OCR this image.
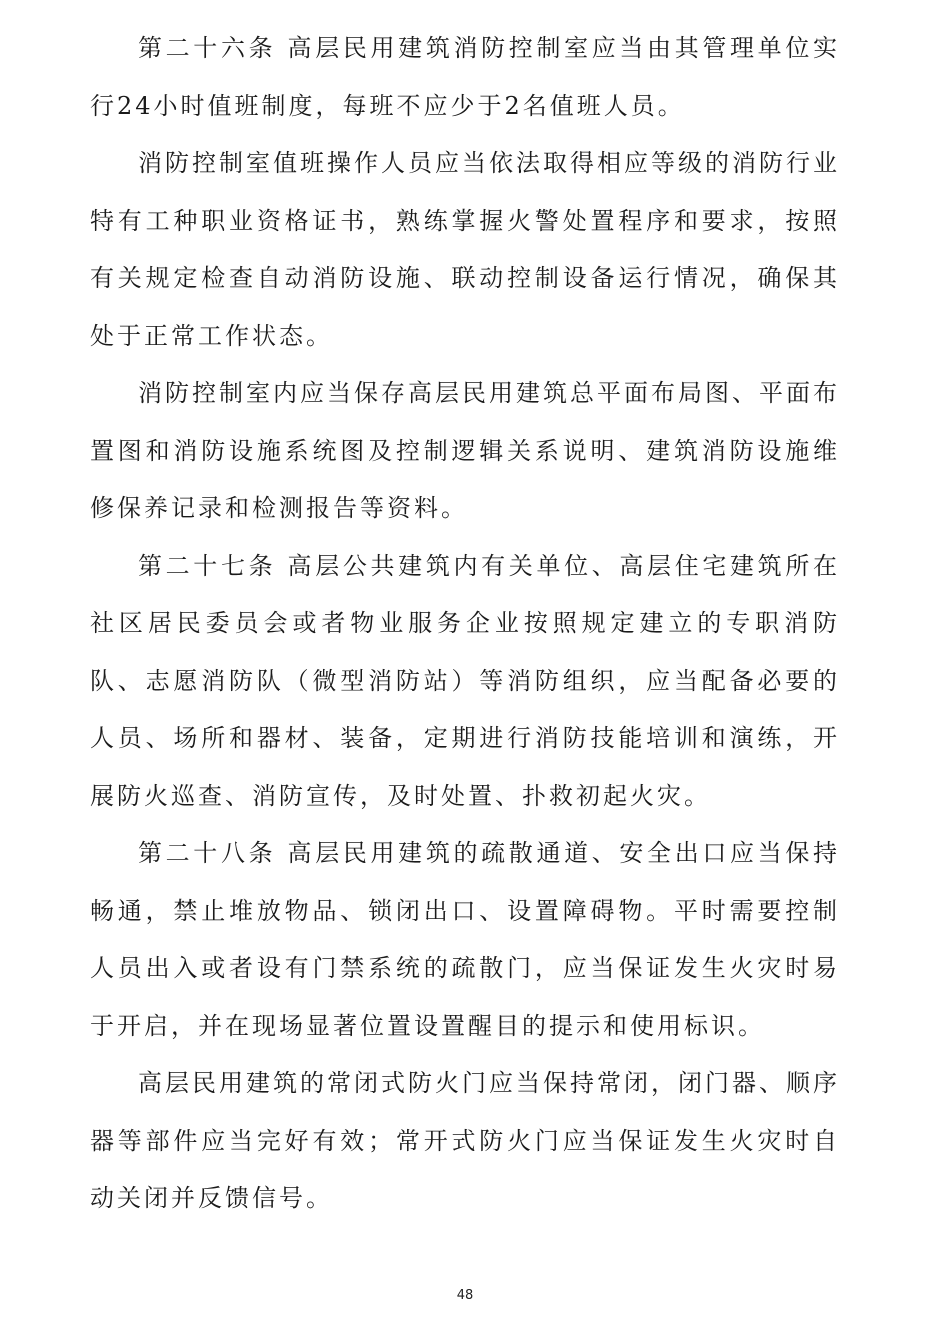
第二十六条 高层民用建筑消防控制室应当由其管理单位实行24小时值班制度，每班不应少于2名值班人员。

消防控制室值班操作人员应当依法取得相应等级的消防行业特有工种职业资格证书，熟练掌握火警处置程序和要求，按照有关规定检查自动消防设施、联动控制设备运行情况，确保其处于正常工作状态。

消防控制室内应当保存高层民用建筑总平面布局图、平面布置图和消防设施系统图及控制逻辑关系说明、建筑消防设施维修保养记录和检测报告等资料。

第二十七条 高层公共建筑内有关单位、高层住宅建筑所在社区居民委员会或者物业服务企业按照规定建立的专职消防队、志愿消防队（微型消防站）等消防组织，应当配备必要的人员、场所和器材、装备，定期进行消防技能培训和演练，开展防火巡查、消防宣传，及时处置、扑救初起火灾。

第二十八条 高层民用建筑的疏散通道、安全出口应当保持畅通，禁止堆放物品、锁闭出口、设置障碍物。平时需要控制人员出入或者设有门禁系统的疏散门，应当保证发生火灾时易于开启，并在现场显著位置设置醒目的提示和使用标识。

高层民用建筑的常闭式防火门应当保持常闭，闭门器、顺序器等部件应当完好有效；常开式防火门应当保证发生火灾时自动关闭并反馈信号。

48
